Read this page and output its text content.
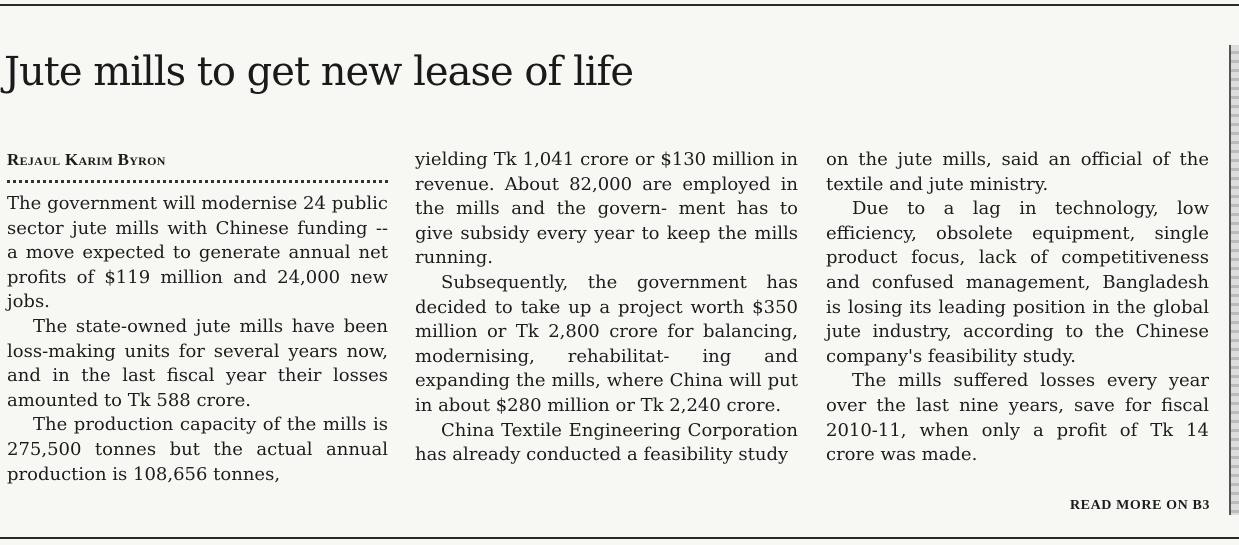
Jute mills to get new lease of life
Rejaul Karim Byron

The government will modernise 24 public sector jute mills with Chinese funding -- a move expected to generate annual net profits of $119 million and 24,000 new jobs.

The state-owned jute mills have been loss-making units for several years now, and in the last fiscal year their losses amounted to Tk 588 crore.

The production capacity of the mills is 275,500 tonnes but the actual annual production is 108,656 tonnes,

yielding Tk 1,041 crore or $130 million in revenue. About 82,000 are employed in the mills and the govern- ment has to give subsidy every year to keep the mills running.

Subsequently, the government has decided to take up a project worth $350 million or Tk 2,800 crore for balancing, modernising, rehabilitat- ing and expanding the mills, where China will put in about $280 million or Tk 2,240 crore.

China Textile Engineering Corporation has already conducted a feasibility study

on the jute mills, said an official of the textile and jute ministry.

Due to a lag in technology, low efficiency, obsolete equipment, single product focus, lack of competitiveness and confused management, Bangladesh is losing its leading position in the global jute industry, according to the Chinese company's feasibility study.

The mills suffered losses every year over the last nine years, save for fiscal 2010-11, when only a profit of Tk 14 crore was made.

READ MORE ON B3
